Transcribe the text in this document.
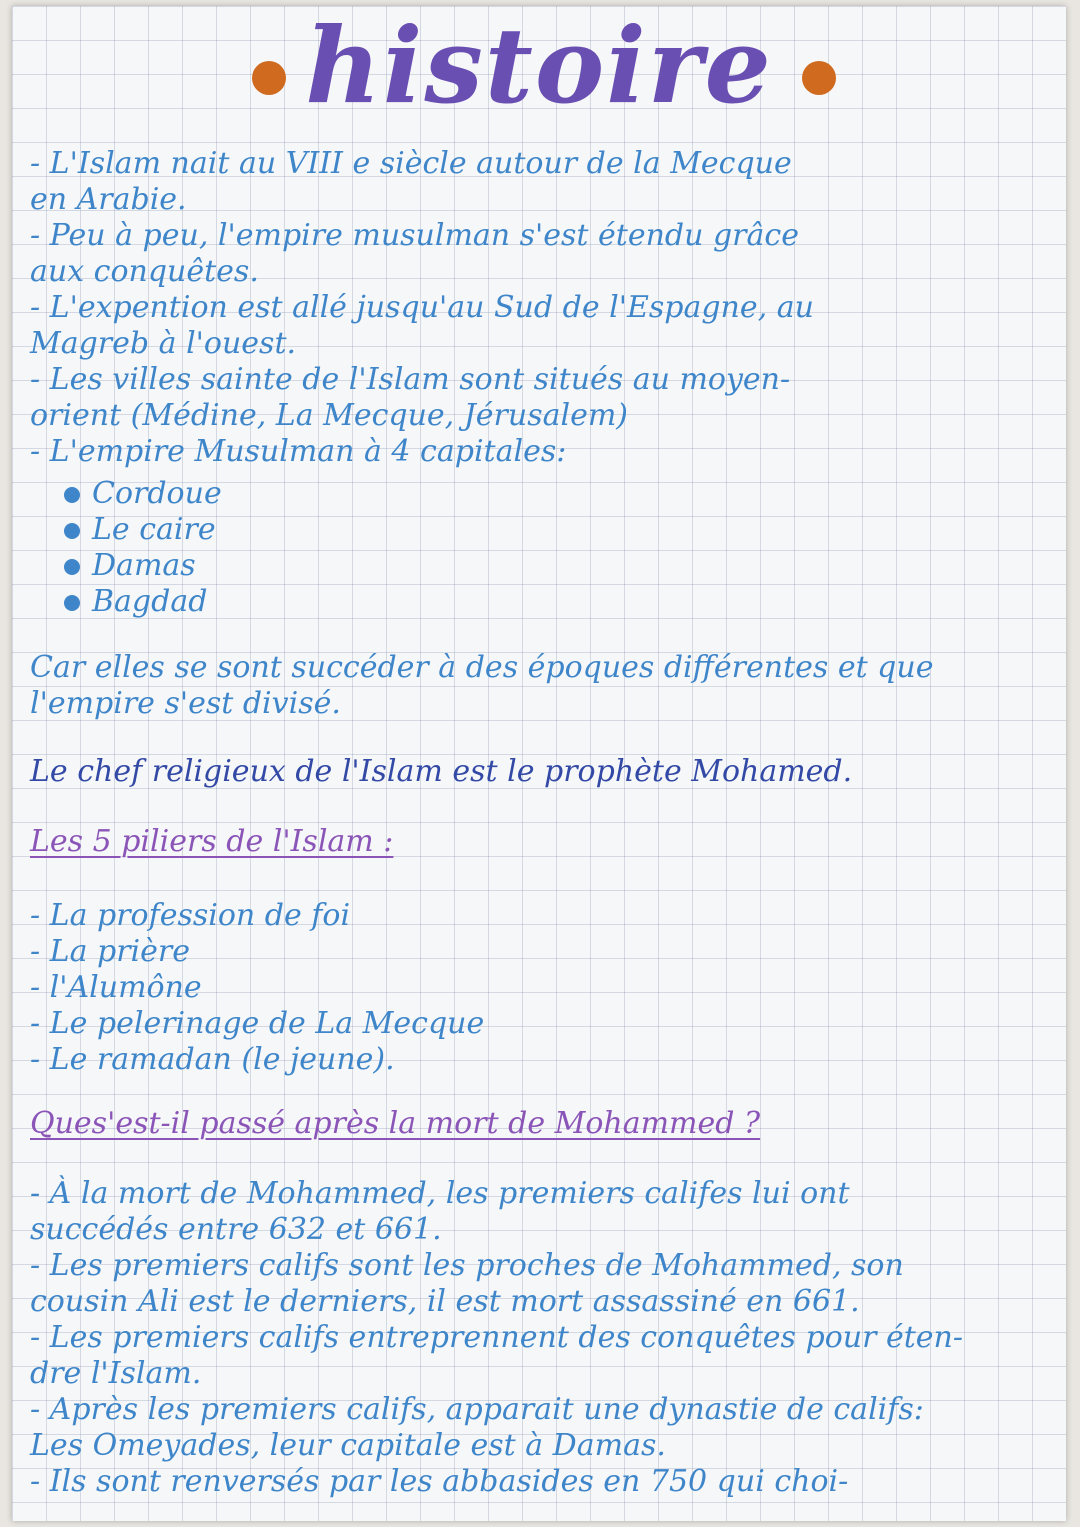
histoire
- L'Islam nait au VIII e siècle autour de la Mecque
en Arabie.
- Peu à peu, l'empire musulman s'est étendu grâce
aux conquêtes.
- L'expention est allé jusqu'au Sud de l'Espagne, au
Magreb à l'ouest.
- Les villes sainte de l'Islam sont situés au moyen-
orient (Médine, La Mecque, Jérusalem)
- L'empire Musulman à 4 capitales:
Cordoue
Le caire
Damas
Bagdad
Car elles se sont succéder à des époques différentes et que
l'empire s'est divisé.
Le chef religieux de l'Islam est le prophète Mohamed.
Les 5 piliers de l'Islam :
- La profession de foi
- La prière
- l'Alumône
- Le pelerinage de La Mecque
- Le ramadan (le jeune).
Ques'est-il passé après la mort de Mohammed ?
- À la mort de Mohammed, les premiers califes lui ont
succédés entre 632 et 661.
- Les premiers califs sont les proches de Mohammed, son
cousin Ali est le derniers, il est mort assassiné en 661.
- Les premiers califs entreprennent des conquêtes pour éten-
dre l'Islam.
- Après les premiers califs, apparait une dynastie de califs:
Les Omeyades, leur capitale est à Damas.
- Ils sont renversés par les abbasides en 750 qui choi-
